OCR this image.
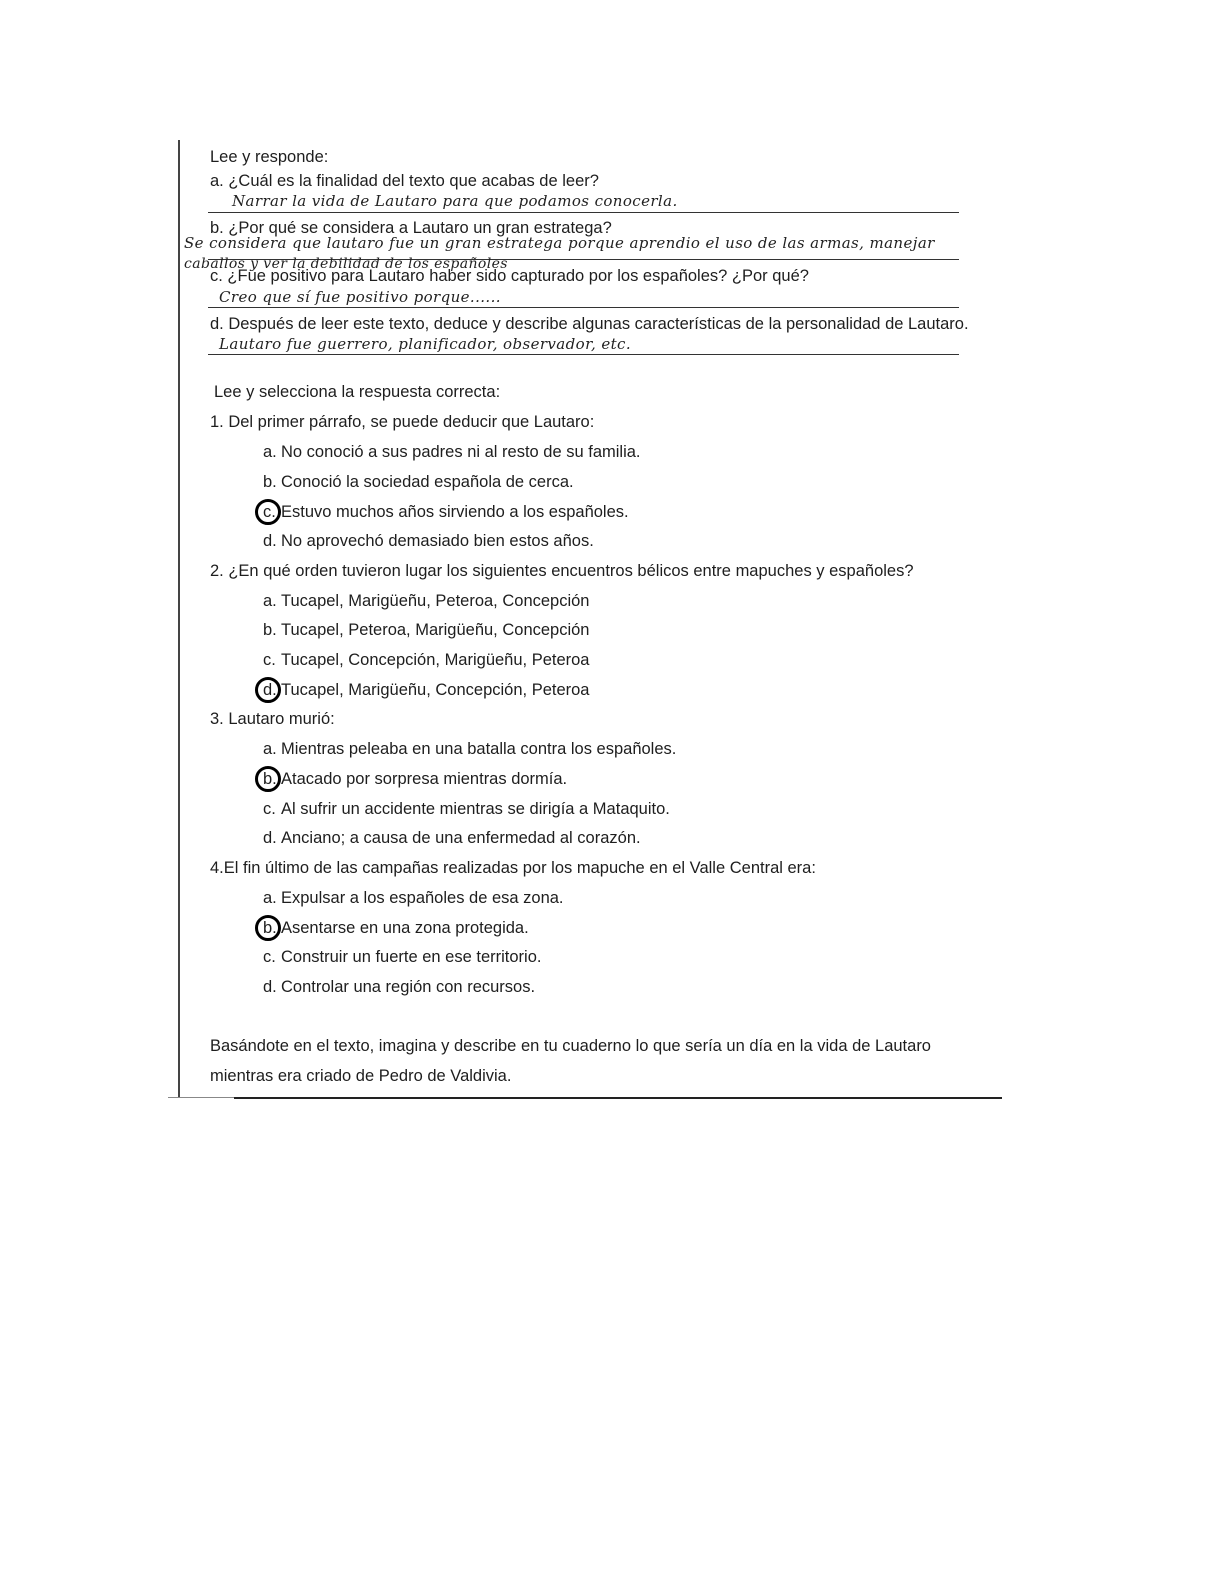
Lee y responde:
a. ¿Cuál es la finalidad del texto que acabas de leer?
Narrar la vida de Lautaro para que podamos conocerla.
b. ¿Por qué se considera a Lautaro un gran estratega?
Se considera que lautaro fue un gran estratega porque aprendio el uso de las armas, manejar
caballos y ver la debilidad de los españoles
c. ¿Fue positivo para Lautaro haber sido capturado por los españoles? ¿Por qué?
Creo que sí fue positivo porque......
d. Después de leer este texto, deduce y describe algunas características de la personalidad de Lautaro.
Lautaro fue guerrero, planificador, observador, etc.
Lee y selecciona la respuesta correcta:
1. Del primer párrafo, se puede deducir que Lautaro:
a. No conoció a sus padres ni al resto de su familia.
b. Conoció la sociedad española de cerca.
c. Estuvo muchos años sirviendo a los españoles.
d. No aprovechó demasiado bien estos años.
2. ¿En qué orden tuvieron lugar los siguientes encuentros bélicos entre mapuches y españoles?
a. Tucapel, Marigüeñu, Peteroa, Concepción
b. Tucapel, Peteroa, Marigüeñu, Concepción
c. Tucapel, Concepción, Marigüeñu, Peteroa
d. Tucapel, Marigüeñu, Concepción, Peteroa
3. Lautaro murió:
a. Mientras peleaba en una batalla contra los españoles.
b. Atacado por sorpresa mientras dormía.
c. Al sufrir un accidente mientras se dirigía a Mataquito.
d. Anciano; a causa de una enfermedad al corazón.
4.El fin último de las campañas realizadas por los mapuche en el Valle Central era:
a. Expulsar a los españoles de esa zona.
b. Asentarse en una zona protegida.
c. Construir un fuerte en ese territorio.
d. Controlar una región con recursos.
Basándote en el texto, imagina y describe en tu cuaderno lo que sería un día en la vida de Lautaro
mientras era criado de Pedro de Valdivia.
